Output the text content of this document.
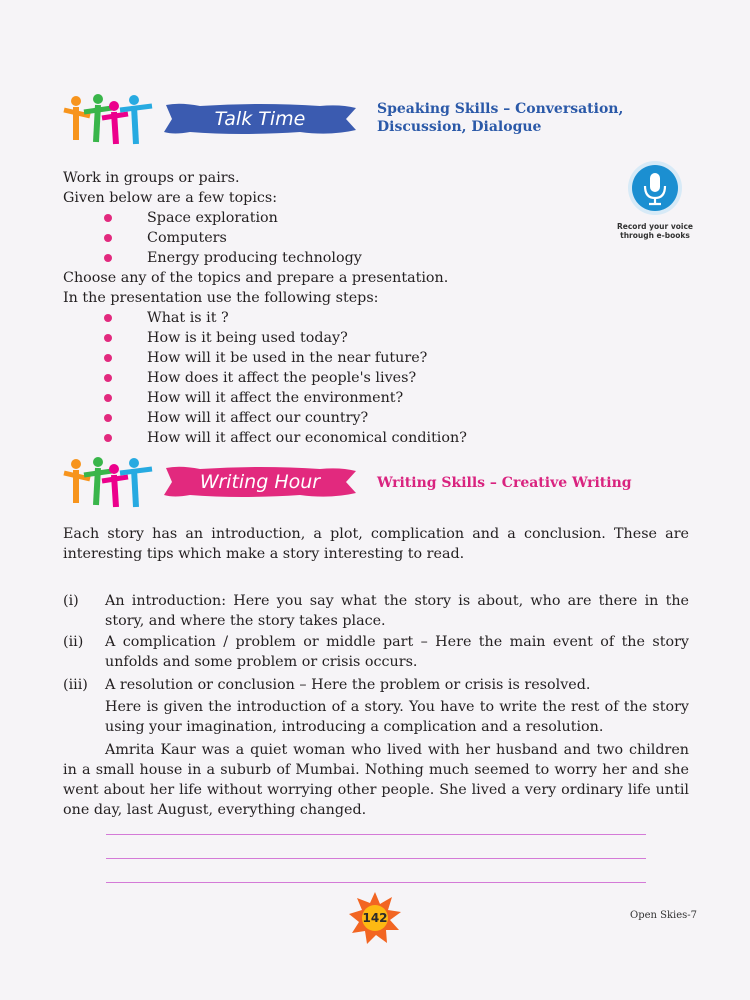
Talk Time	Speaking Skills – Conversation, Discussion, Dialogue
Work in groups or pairs.
Given below are a few topics:
Space exploration
Computers
Energy producing technology
Choose any of the topics and prepare a presentation.
In the presentation use the following steps:
What is it ?
How is it being used today?
How will it be used in the near future?
How does it affect the people's lives?
How will it affect the environment?
How will it affect our country?
How will it affect our economical condition?
Record your voice through e-books
Writing Hour	Writing Skills – Creative Writing
Each story has an introduction, a plot, complication and a conclusion. These are interesting tips which make a story interesting to read.
(i) An introduction: Here you say what the story is about, who are there in the story, and where the story takes place.
(ii) A complication / problem or middle part – Here the main event of the story unfolds and some problem or crisis occurs.
(iii) A resolution or conclusion – Here the problem or crisis is resolved.
Here is given the introduction of a story. You have to write the rest of the story using your imagination, introducing a complication and a resolution.
Amrita Kaur was a quiet woman who lived with her husband and two children in a small house in a suburb of Mumbai. Nothing much seemed to worry her and she went about her life without worrying other people. She lived a very ordinary life until one day, last August, everything changed.
142	Open Skies-7
